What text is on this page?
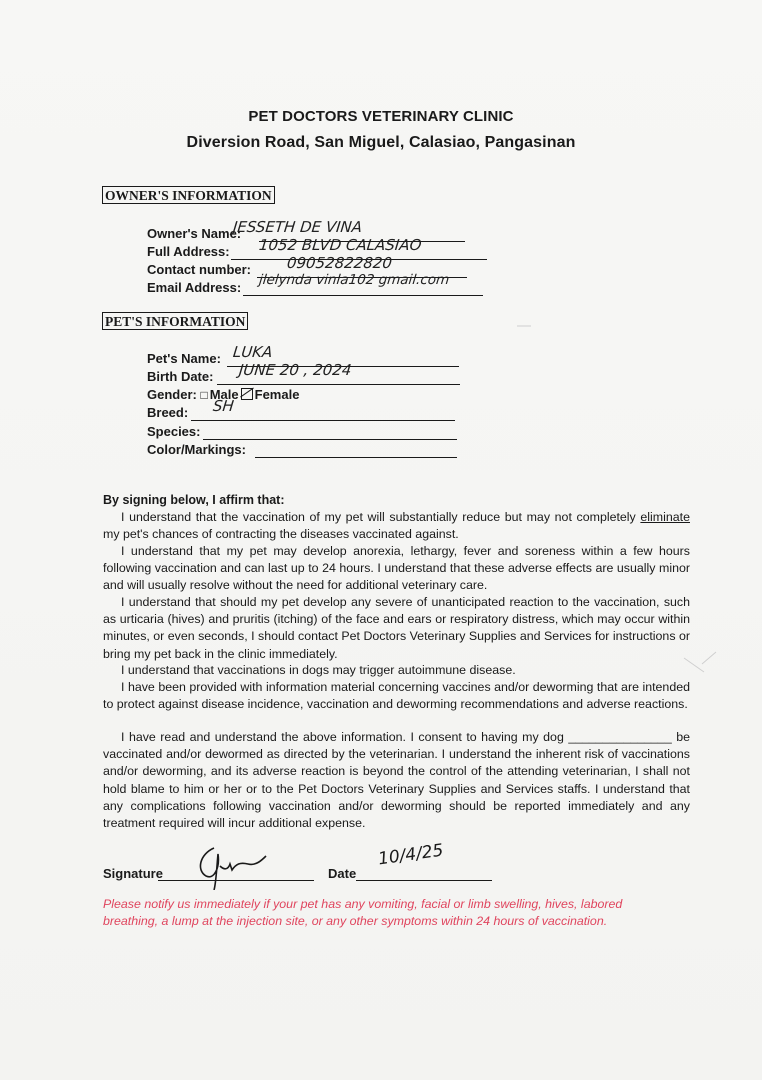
PET DOCTORS VETERINARY CLINIC
Diversion Road, San Miguel, Calasiao, Pangasinan
OWNER'S INFORMATION
Owner's Name:
JESSETH DE VINA
Full Address: 1052 BLVD CALASIAO
Contact number: 09052822820
Email Address: jlelynda vinla102 gmail.com
PET'S INFORMATION
Pet's Name: LUKA
Birth Date: JUNE 20 , 2024
Gender: □ Male Female
Breed: SH
Species:
Color/Markings:
By signing below, I affirm that:

I understand that the vaccination of my pet will substantially reduce but may not completely eliminate my pet's chances of contracting the diseases vaccinated against.

I understand that my pet may develop anorexia, lethargy, fever and soreness within a few hours following vaccination and can last up to 24 hours. I understand that these adverse effects are usually minor and will usually resolve without the need for additional veterinary care.

I understand that should my pet develop any severe of unanticipated reaction to the vaccination, such as urticaria (hives) and pruritis (itching) of the face and ears or respiratory distress, which may occur within minutes, or even seconds, I should contact Pet Doctors Veterinary Supplies and Services for instructions or bring my pet back in the clinic immediately.

I understand that vaccinations in dogs may trigger autoimmune disease.

I have been provided with information material concerning vaccines and/or deworming that are intended to protect against disease incidence, vaccination and deworming recommendations and adverse reactions.

I have read and understand the above information. I consent to having my dog _______________ be vaccinated and/or dewormed as directed by the veterinarian. I understand the inherent risk of vaccinations and/or deworming, and its adverse reaction is beyond the control of the attending veterinarian, I shall not hold blame to him or her or to the Pet Doctors Veterinary Supplies and Services staffs. I understand that any complications following vaccination and/or deworming should be reported immediately and any treatment required will incur additional expense.

Signature	Date
10/4/25
Please notify us immediately if your pet has any vomiting, facial or limb swelling, hives, labored breathing, a lump at the injection site, or any other symptoms within 24 hours of vaccination.
